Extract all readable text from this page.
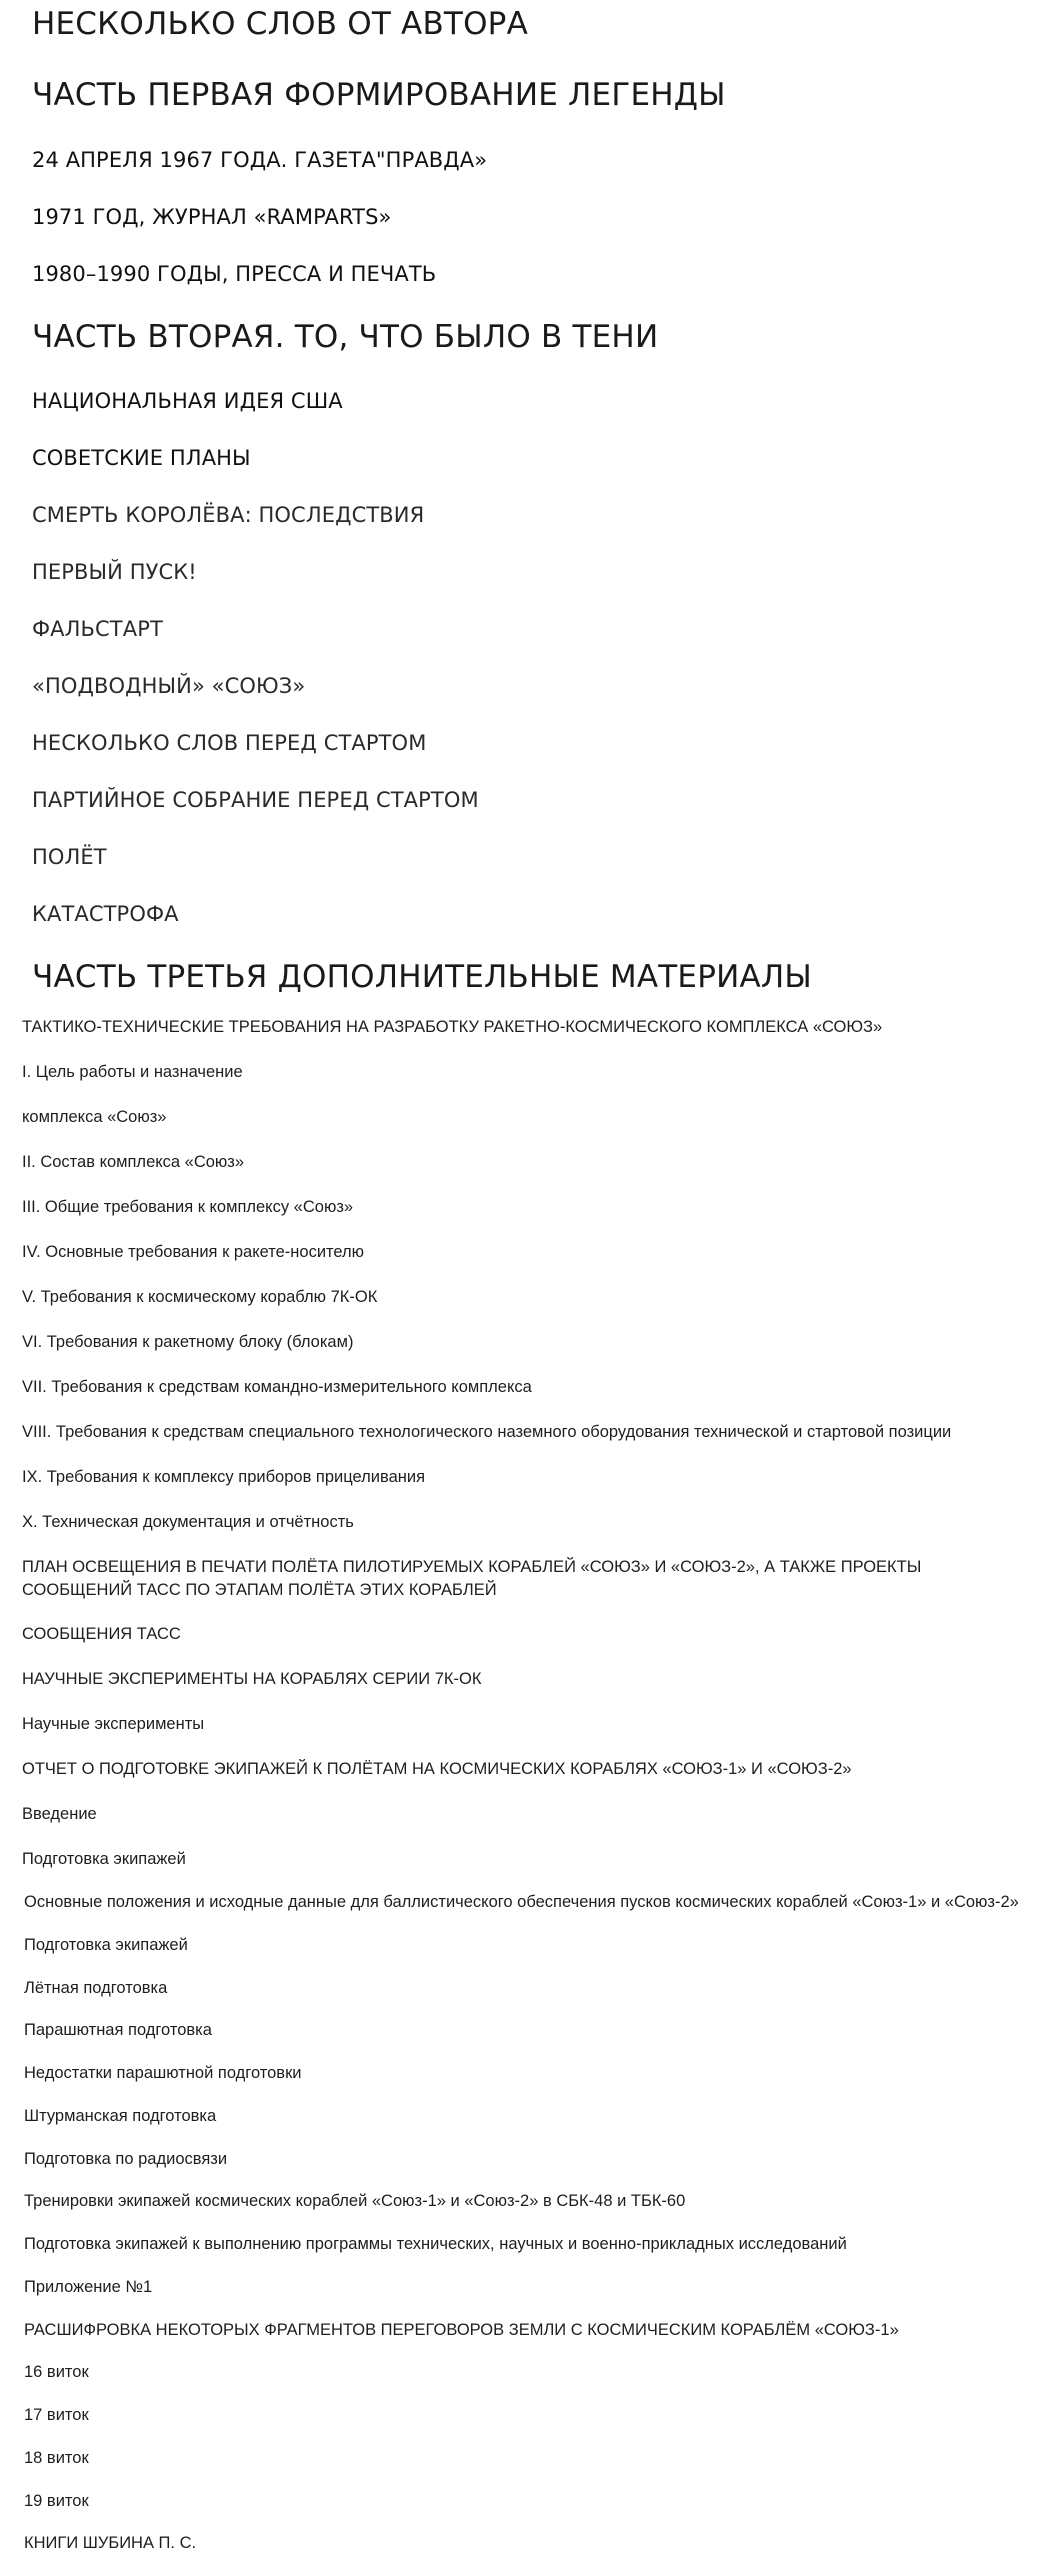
НЕСКОЛЬКО СЛОВ ОТ АВТОРА
ЧАСТЬ ПЕРВАЯ ФОРМИРОВАНИЕ ЛЕГЕНДЫ
24 АПРЕЛЯ 1967 ГОДА. ГАЗЕТА"ПРАВДА»
1971 ГОД, ЖУРНАЛ «RAMPARTS»
1980–1990 ГОДЫ, ПРЕССА И ПЕЧАТЬ
ЧАСТЬ ВТОРАЯ. ТО, ЧТО БЫЛО В ТЕНИ
НАЦИОНАЛЬНАЯ ИДЕЯ США
СОВЕТСКИЕ ПЛАНЫ
СМЕРТЬ КОРОЛЁВА: ПОСЛЕДСТВИЯ
ПЕРВЫЙ ПУСК!
ФАЛЬСТАРТ
«ПОДВОДНЫЙ» «СОЮЗ»
НЕСКОЛЬКО СЛОВ ПЕРЕД СТАРТОМ
ПАРТИЙНОЕ СОБРАНИЕ ПЕРЕД СТАРТОМ
ПОЛЁТ
КАТАСТРОФА
ЧАСТЬ ТРЕТЬЯ ДОПОЛНИТЕЛЬНЫЕ МАТЕРИАЛЫ
ТАКТИКО-ТЕХНИЧЕСКИЕ ТРЕБОВАНИЯ НА РАЗРАБОТКУ РАКЕТНО-КОСМИЧЕСКОГО КОМПЛЕКСА «СОЮЗ»
I. Цель работы и назначение
комплекса «Союз»
II. Состав комплекса «Союз»
III. Общие требования к комплексу «Союз»
IV. Основные требования к ракете-носителю
V. Требования к космическому кораблю 7К-ОК
VI. Требования к ракетному блоку (блокам)
VII. Требования к средствам командно-измерительного комплекса
VIII. Требования к средствам специального технологического наземного оборудования технической и стартовой позиции
IX. Требования к комплексу приборов прицеливания
X. Техническая документация и отчётность
ПЛАН ОСВЕЩЕНИЯ В ПЕЧАТИ ПОЛЁТА ПИЛОТИРУЕМЫХ КОРАБЛЕЙ «СОЮЗ» И «СОЮЗ-2», А ТАКЖЕ ПРОЕКТЫ СООБЩЕНИЙ ТАСС ПО ЭТАПАМ ПОЛЁТА ЭТИХ КОРАБЛЕЙ
СООБЩЕНИЯ ТАСС
НАУЧНЫЕ ЭКСПЕРИМЕНТЫ НА КОРАБЛЯХ СЕРИИ 7К-ОК
Научные эксперименты
ОТЧЕТ О ПОДГОТОВКЕ ЭКИПАЖЕЙ К ПОЛЁТАМ НА КОСМИЧЕСКИХ КОРАБЛЯХ «СОЮЗ-1» И «СОЮЗ-2»
Введение
Подготовка экипажей
Основные положения и исходные данные для баллистического обеспечения пусков космических кораблей «Союз-1» и «Союз-2»
Подготовка экипажей
Лётная подготовка
Парашютная подготовка
Недостатки парашютной подготовки
Штурманская подготовка
Подготовка по радиосвязи
Тренировки экипажей космических кораблей «Союз-1» и «Союз-2» в СБК-48 и ТБК-60
Подготовка экипажей к выполнению программы технических, научных и военно-прикладных исследований
Приложение №1
РАСШИФРОВКА НЕКОТОРЫХ ФРАГМЕНТОВ ПЕРЕГОВОРОВ ЗЕМЛИ С КОСМИЧЕСКИМ КОРАБЛЁМ «СОЮЗ-1»
16 виток
17 виток
18 виток
19 виток
КНИГИ ШУБИНА П. С.
